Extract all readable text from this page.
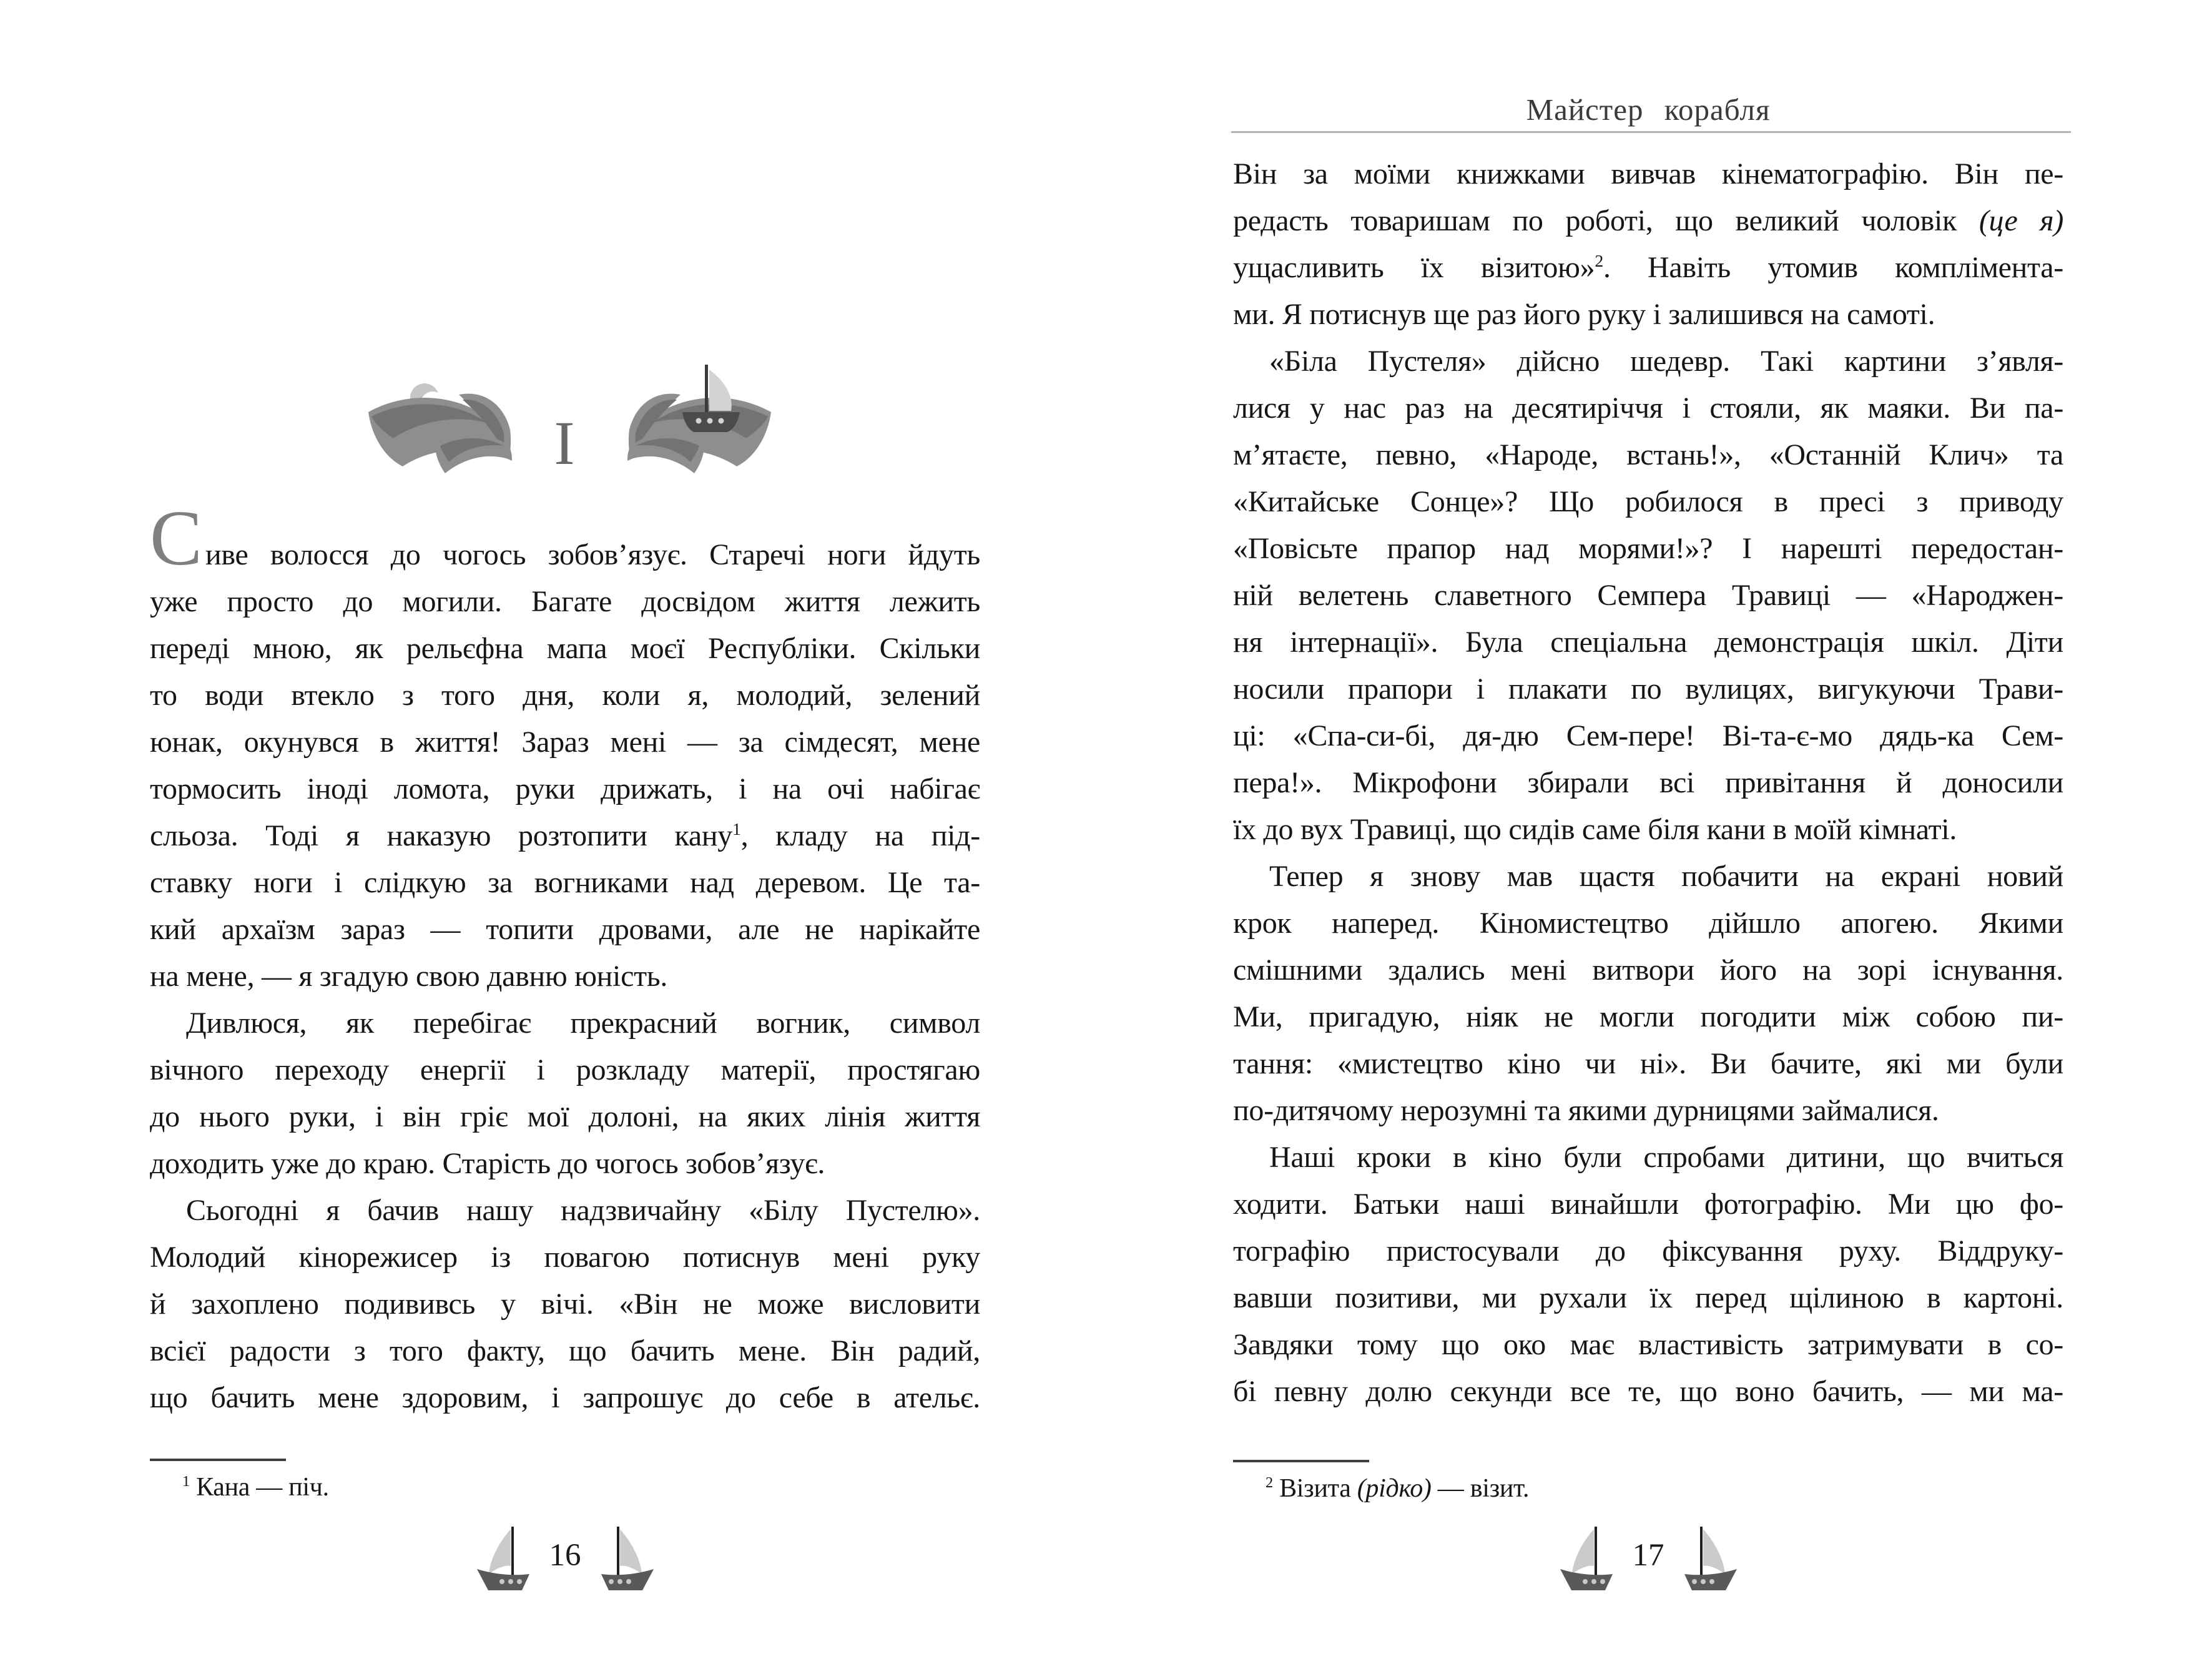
I
Сиве волосся до чогось зобов’язує. Старечі ноги йдуть
уже просто до могили. Багате досвідом життя лежить
переді мною, як рельєфна мапа моєї Республіки. Скільки
то води втекло з того дня, коли я, молодий, зелений
юнак, окунувся в життя! Зараз мені — за сімдесят, мене
тормосить іноді ломота, руки дрижать, і на очі набігає
сльоза. Тоді я наказую розтопити кану$^1$, кладу на під-
ставку ноги і слідкую за вогниками над деревом. Це та-
кий архаїзм зараз — топити дровами, але не нарікайте
на мене, — я згадую свою давню юність.
Дивлюся, як перебігає прекрасний вогник, символ
вічного переходу енергії і розкладу матерії, простягаю
до нього руки, і він гріє мої долоні, на яких лінія життя
доходить уже до краю. Старість до чогось зобов’язує.
Сьогодні я бачив нашу надзвичайну «Білу Пустелю».
Молодий кінорежисер із повагою потиснув мені руку
й захоплено подививсь у вічі. «Він не може висловити
всієї радости з того факту, що бачить мене. Він радий,
що бачить мене здоровим, і запрошує до себе в ательє.
$^1$ Кана — піч.
16
Майстер корабля
Він за моїми книжками вивчав кінематографію. Він пе-
редасть товаришам по роботі, що великий чоловік (це я)
ущасливить їх візитою»$^2$. Навіть утомив комплімента-
ми. Я потиснув ще раз його руку і залишився на самоті.
«Біла Пустеля» дійсно шедевр. Такі картини з’явля-
лися у нас раз на десятиріччя і стояли, як маяки. Ви па-
м’ятаєте, певно, «Народе, встань!», «Останній Клич» та
«Китайське Сонце»? Що робилося в пресі з приводу
«Повісьте прапор над морями!»? І нарешті передостан-
ній велетень славетного Семпера Травиці — «Народжен-
ня інтернації». Була спеціальна демонстрація шкіл. Діти
носили прапори і плакати по вулицях, вигукуючи Трави-
ці: «Спа-си-бі, дя-дю Сем-пере! Ві-та-є-мо дядь-ка Сем-
пера!». Мікрофони збирали всі привітання й доносили
їх до вух Травиці, що сидів саме біля кани в моїй кімнаті.
Тепер я знову мав щастя побачити на екрані новий
крок наперед. Кіномистецтво дійшло апогею. Якими
смішними здались мені витвори його на зорі існування.
Ми, пригадую, ніяк не могли погодити між собою пи-
тання: «мистецтво кіно чи ні». Ви бачите, які ми були
по-дитячому нерозумні та якими дурницями займалися.
Наші кроки в кіно були спробами дитини, що вчиться
ходити. Батьки наші винайшли фотографію. Ми цю фо-
тографію пристосували до фіксування руху. Віддруку-
вавши позитиви, ми рухали їх перед щілиною в картоні.
Завдяки тому що око має властивість затримувати в со-
бі певну долю секунди все те, що воно бачить, — ми ма-
$^2$ Візита (рідко) — візит.
17
